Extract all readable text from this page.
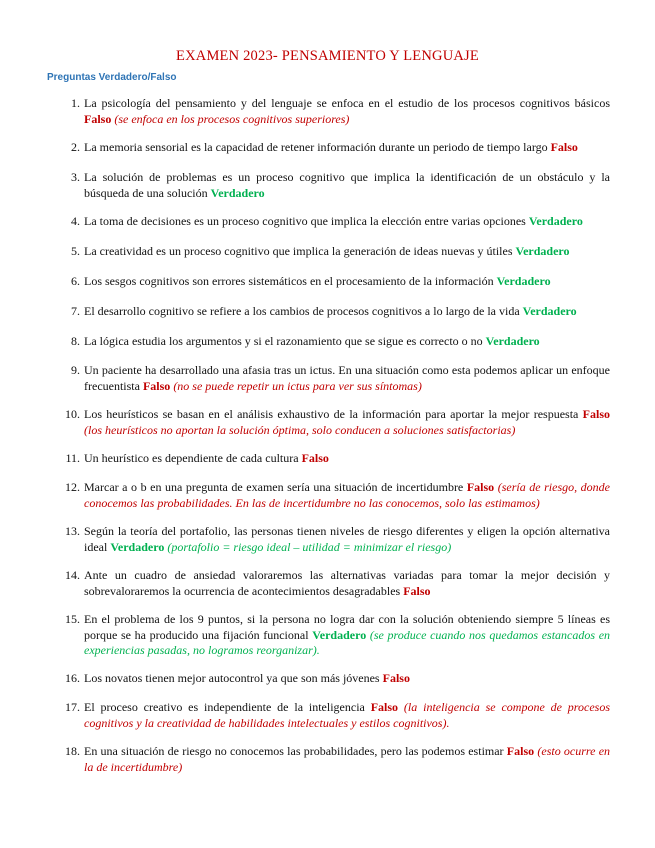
EXAMEN 2023- PENSAMIENTO Y LENGUAJE
Preguntas Verdadero/Falso
1. La psicología del pensamiento y del lenguaje se enfoca en el estudio de los procesos cognitivos básicos Falso (se enfoca en los procesos cognitivos superiores)
2. La memoria sensorial es la capacidad de retener información durante un periodo de tiempo largo Falso
3. La solución de problemas es un proceso cognitivo que implica la identificación de un obstáculo y la búsqueda de una solución Verdadero
4. La toma de decisiones es un proceso cognitivo que implica la elección entre varias opciones Verdadero
5. La creatividad es un proceso cognitivo que implica la generación de ideas nuevas y útiles Verdadero
6. Los sesgos cognitivos son errores sistemáticos en el procesamiento de la información Verdadero
7. El desarrollo cognitivo se refiere a los cambios de procesos cognitivos a lo largo de la vida Verdadero
8. La lógica estudia los argumentos y si el razonamiento que se sigue es correcto o no Verdadero
9. Un paciente ha desarrollado una afasia tras un ictus. En una situación como esta podemos aplicar un enfoque frecuentista Falso (no se puede repetir un ictus para ver sus síntomas)
10. Los heurísticos se basan en el análisis exhaustivo de la información para aportar la mejor respuesta Falso (los heurísticos no aportan la solución óptima, solo conducen a soluciones satisfactorias)
11. Un heurístico es dependiente de cada cultura Falso
12. Marcar a o b en una pregunta de examen sería una situación de incertidumbre Falso (sería de riesgo, donde conocemos las probabilidades. En las de incertidumbre no las conocemos, solo las estimamos)
13. Según la teoría del portafolio, las personas tienen niveles de riesgo diferentes y eligen la opción alternativa ideal Verdadero (portafolio = riesgo ideal – utilidad = minimizar el riesgo)
14. Ante un cuadro de ansiedad valoraremos las alternativas variadas para tomar la mejor decisión y sobrevaloraremos la ocurrencia de acontecimientos desagradables Falso
15. En el problema de los 9 puntos, si la persona no logra dar con la solución obteniendo siempre 5 líneas es porque se ha producido una fijación funcional Verdadero (se produce cuando nos quedamos estancados en experiencias pasadas, no logramos reorganizar).
16. Los novatos tienen mejor autocontrol ya que son más jóvenes Falso
17. El proceso creativo es independiente de la inteligencia Falso (la inteligencia se compone de procesos cognitivos y la creatividad de habilidades intelectuales y estilos cognitivos).
18. En una situación de riesgo no conocemos las probabilidades, pero las podemos estimar Falso (esto ocurre en la de incertidumbre)
